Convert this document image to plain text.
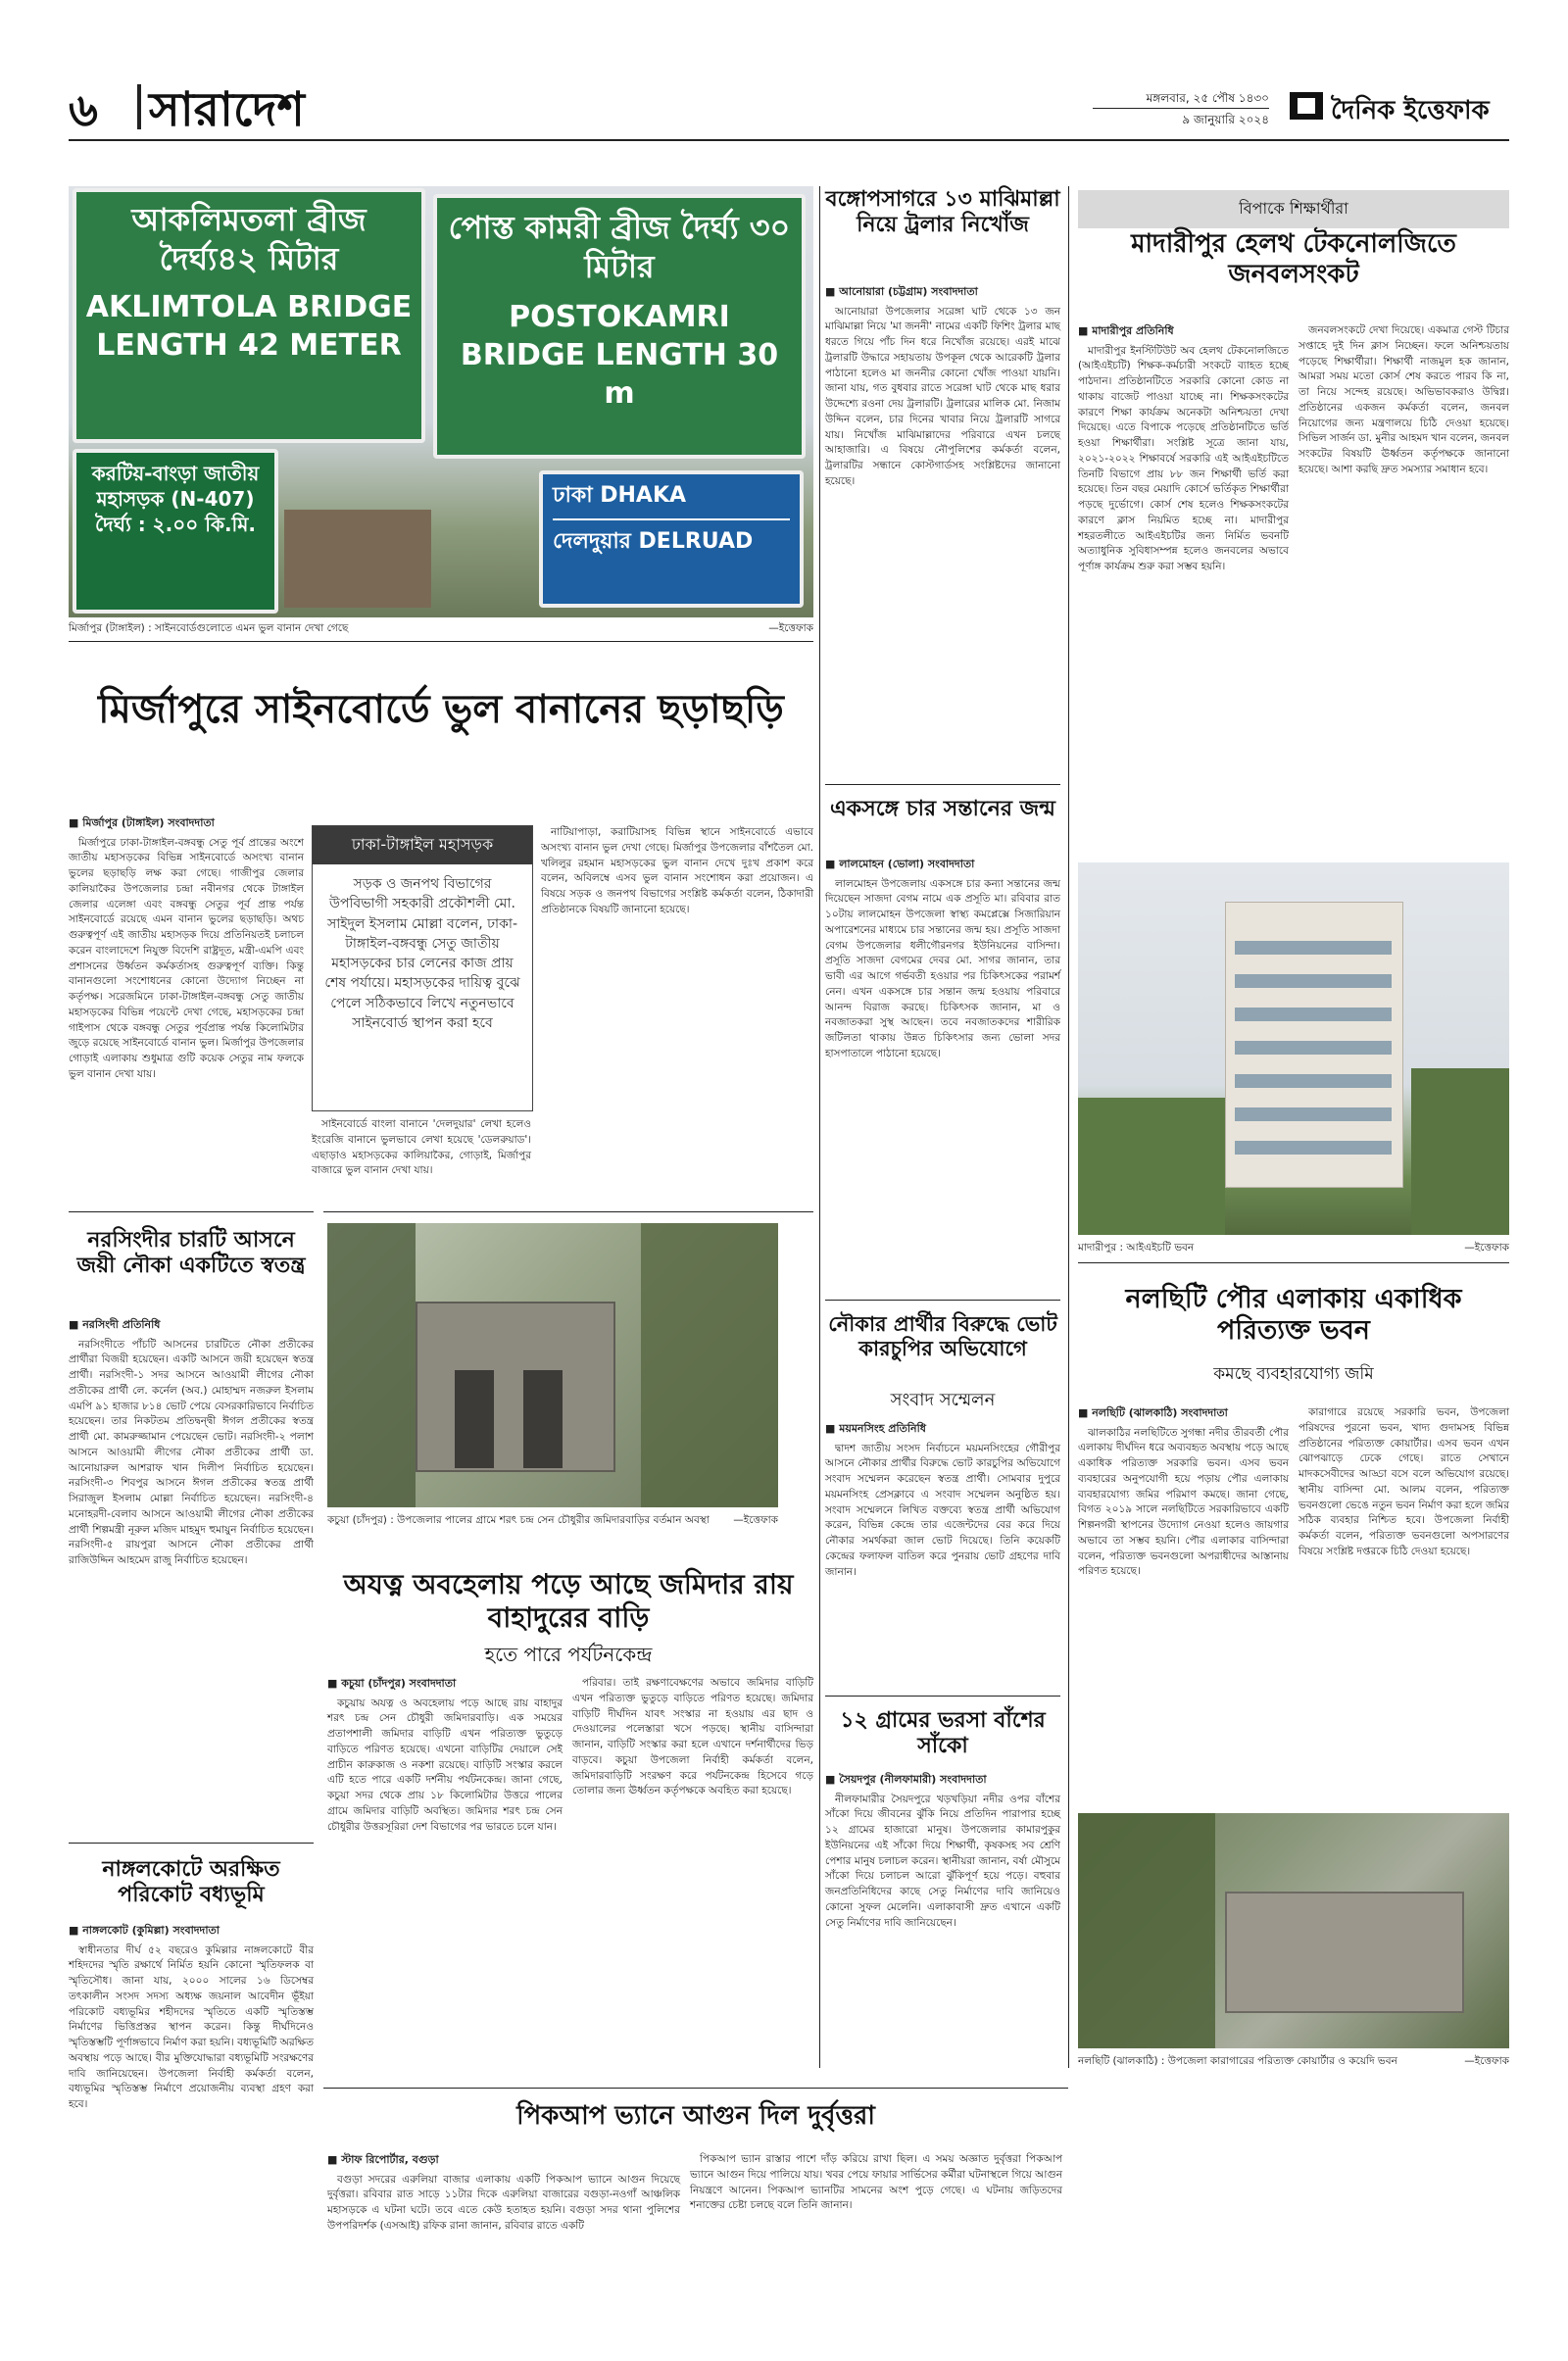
৬ সারাদেশ	মঙ্গলবার, ২৫ পৌষ ১৪৩০
৯ জানুয়ারি ২০২৪ দৈনিক ইত্তেফাক
আকলিমতলা ব্রীজ দৈর্ঘ্য৪২ মিটার
AKLIMTOLA BRIDGE LENGTH 42 METER
পোস্ত কামরী ব্রীজ দৈর্ঘ্য ৩০ মিটার
POSTOKAMRI BRIDGE LENGTH 30 m
করটিয়-বাংড়া জাতীয় মহাসড়ক (N-407) দৈর্ঘ্য : ২.০০ কি.মি.
ঢাকা DHAKA
দেলদুয়ার DELRUAD
মির্জাপুর (টাঙ্গাইল) : সাইনবোর্ডগুলোতে এমন ভুল বানান দেখা গেছে	—ইত্তেফাক
মির্জাপুরে সাইনবোর্ডে ভুল বানানের ছড়াছড়ি
■ মির্জাপুর (টাঙ্গাইল) সংবাদদাতা

মির্জাপুরে ঢাকা-টাঙ্গাইল-বঙ্গবন্ধু সেতু পূর্ব প্রান্তের অংশে জাতীয় মহাসড়কের বিভিন্ন সাইনবোর্ডে অসংখ্য বানান ভুলের ছড়াছড়ি লক্ষ করা গেছে। গাজীপুর জেলার কালিয়াকৈর উপজেলার চন্দ্রা নবীনগর থেকে টাঙ্গাইল জেলার এলেঙ্গা এবং বঙ্গবন্ধু সেতুর পূর্ব প্রান্ত পর্যন্ত সাইনবোর্ডে রয়েছে এমন বানান ভুলের ছড়াছড়ি। অথচ গুরুত্বপূর্ণ এই জাতীয় মহাসড়ক দিয়ে প্রতিনিয়তই চলাচল করেন বাংলাদেশে নিযুক্ত বিদেশি রাষ্ট্রদূত, মন্ত্রী-এমপি এবং প্রশাসনের উর্ধ্বতন কর্মকর্তাসহ গুরুত্বপূর্ণ ব্যক্তি। কিন্তু বানানগুলো সংশোধনের কোনো উদ্যোগ নিচ্ছেন না কর্তৃপক্ষ। সরেজমিনে ঢাকা-টাঙ্গাইল-বঙ্গবন্ধু সেতু জাতীয় মহাসড়কের বিভিন্ন পয়েন্টে দেখা গেছে, মহাসড়কের চন্দ্রা গাইপাস থেকে বঙ্গবন্ধু সেতুর পূর্বপ্রান্ত পর্যন্ত কিলোমিটার জুড়ে রয়েছে সাইনবোর্ডে বানান ভুল। মির্জাপুর উপজেলার গোড়াই এলাকায় শুধুমাত্র গুটি কয়েক সেতুর নাম ফলকে ভুল বানান দেখা যায়।

ঢাকা-টাঙ্গাইল মহাসড়ক
সড়ক ও জনপথ বিভাগের উপবিভাগী সহকারী প্রকৌশলী মো. সাইদুল ইসলাম মোল্লা বলেন, ঢাকা-টাঙ্গাইল-বঙ্গবন্ধু সেতু জাতীয় মহাসড়কের চার লেনের কাজ প্রায় শেষ পর্যায়ে। মহাসড়কের দায়িত্ব বুঝে পেলে সঠিকভাবে লিখে নতুনভাবে সাইনবোর্ড স্থাপন করা হবে

সাইনবোর্ডে বাংলা বানানে 'দেলদুয়ার' লেখা হলেও ইংরেজি বানানে ভুলভাবে লেখা হয়েছে 'ডেলরুয়াড'। এছাড়াও মহাসড়কের কালিয়াকৈর, গোড়াই, মির্জাপুর বাজারে ভুল বানান দেখা যায়।

নাটিয়াপাড়া, করাটিয়াসহ বিভিন্ন স্থানে সাইনবোর্ডে এভাবে অসংখ্য বানান ভুল দেখা গেছে। মির্জাপুর উপজেলার বাঁশতৈল মো. খলিলুর রহমান মহাসড়কের ভুল বানান দেখে দুঃখ প্রকাশ করে বলেন, অবিলম্বে এসব ভুল বানান সংশোধন করা প্রয়োজন। এ বিষয়ে সড়ক ও জনপথ বিভাগের সংশ্লিষ্ট কর্মকর্তা বলেন, ঠিকাদারী প্রতিষ্ঠানকে বিষয়টি জানানো হয়েছে।

নরসিংদীর চারটি আসনে জয়ী নৌকা একটিতে স্বতন্ত্র
■ নরসিংদী প্রতিনিধি

নরসিংদীতে পাঁচটি আসনের চারটিতে নৌকা প্রতীকের প্রার্থীরা বিজয়ী হয়েছেন। একটি আসনে জয়ী হয়েছেন স্বতন্ত্র প্রার্থী। নরসিংদী-১ সদর আসনে আওয়ামী লীগের নৌকা প্রতীকের প্রার্থী লে. কর্নেল (অব.) মোহাম্মদ নজরুল ইসলাম এমপি ৯১ হাজার ৮১৪ ভোট পেয়ে বেসরকারিভাবে নির্বাচিত হয়েছেন। তার নিকটতম প্রতিদ্বন্দ্বী ঈগল প্রতীকের স্বতন্ত্র প্রার্থী মো. কামরুজ্জামান পেয়েছেন ভোট। নরসিংদী-২ পলাশ আসনে আওয়ামী লীগের নৌকা প্রতীকের প্রার্থী ডা. আনোয়ারুল আশরাফ খান দিলীপ নির্বাচিত হয়েছেন। নরসিংদী-৩ শিবপুর আসনে ঈগল প্রতীকের স্বতন্ত্র প্রার্থী সিরাজুল ইসলাম মোল্লা নির্বাচিত হয়েছেন। নরসিংদী-৪ মনোহরদী-বেলাব আসনে আওয়ামী লীগের নৌকা প্রতীকের প্রার্থী শিল্পমন্ত্রী নূরুল মজিদ মাহমুদ হুমায়ুন নির্বাচিত হয়েছেন। নরসিংদী-৫ রায়পুরা আসনে নৌকা প্রতীকের প্রার্থী রাজিউদ্দিন আহমেদ রাজু নির্বাচিত হয়েছেন।

নাঙ্গলকোটে অরক্ষিত পরিকোট বধ্যভূমি
■ নাঙ্গলকোট (কুমিল্লা) সংবাদদাতা

স্বাধীনতার দীর্ঘ ৫২ বছরেও কুমিল্লার নাঙ্গলকোটে বীর শহিদদের স্মৃতি রক্ষার্থে নির্মিত হয়নি কোনো স্মৃতিফলক বা স্মৃতিসৌধ। জানা যায়, ২০০০ সালের ১৬ ডিসেম্বর তৎকালীন সংসদ সদস্য অধ্যক্ষ জয়নাল আবেদীন ভূঁইয়া পরিকোট বধ্যভূমির শহীদদের স্মৃতিতে একটি স্মৃতিস্তম্ভ নির্মাণের ভিত্তিপ্রস্তর স্থাপন করেন। কিন্তু দীর্ঘদিনেও স্মৃতিস্তম্ভটি পূর্ণাঙ্গভাবে নির্মাণ করা হয়নি। বধ্যভূমিটি অরক্ষিত অবস্থায় পড়ে আছে। বীর মুক্তিযোদ্ধারা বধ্যভূমিটি সংরক্ষণের দাবি জানিয়েছেন। উপজেলা নির্বাহী কর্মকর্তা বলেন, বধ্যভূমির স্মৃতিস্তম্ভ নির্মাণে প্রয়োজনীয় ব্যবস্থা গ্রহণ করা হবে।

কচুয়া (চাঁদপুর) : উপজেলার পালের গ্রামে শরৎ চন্দ্র সেন চৌধুরীর জমিদারবাড়ির বর্তমান অবস্থা —ইত্তেফাক
অযত্ন অবহেলায় পড়ে আছে জমিদার রায় বাহাদুরের বাড়ি
হতে পারে পর্যটনকেন্দ্র
■ কচুয়া (চাঁদপুর) সংবাদদাতা

কচুয়ায় অযত্ন ও অবহেলায় পড়ে আছে রায় বাহাদুর শরৎ চন্দ্র সেন চৌধুরী জমিদারবাড়ি। এক সময়ের প্রতাপশালী জমিদার বাড়িটি এখন পরিত্যক্ত ভুতুড়ে বাড়িতে পরিণত হয়েছে। এখনো বাড়িটির দেয়ালে সেই প্রাচীন কারুকাজ ও নকশা রয়েছে। বাড়িটি সংস্কার করলে এটি হতে পারে একটি দর্শনীয় পর্যটনকেন্দ্র। জানা গেছে, কচুয়া সদর থেকে প্রায় ১৮ কিলোমিটার উত্তরে পালের গ্রামে জমিদার বাড়িটি অবস্থিত। জমিদার শরৎ চন্দ্র সেন চৌধুরীর উত্তরসূরিরা দেশ বিভাগের পর ভারতে চলে যান।

পরিবার। তাই রক্ষণাবেক্ষণের অভাবে জমিদার বাড়িটি এখন পরিত্যক্ত ভুতুড়ে বাড়িতে পরিণত হয়েছে। জমিদার বাড়িটি দীর্ঘদিন যাবৎ সংস্কার না হওয়ায় এর ছাদ ও দেওয়ালের পলেস্তারা খসে পড়ছে। স্থানীয় বাসিন্দারা জানান, বাড়িটি সংস্কার করা হলে এখানে দর্শনার্থীদের ভিড় বাড়বে। কচুয়া উপজেলা নির্বাহী কর্মকর্তা বলেন, জমিদারবাড়িটি সংরক্ষণ করে পর্যটনকেন্দ্র হিসেবে গড়ে তোলার জন্য ঊর্ধ্বতন কর্তৃপক্ষকে অবহিত করা হয়েছে।

পিকআপ ভ্যানে আগুন দিল দুর্বৃত্তরা
■ স্টাফ রিপোর্টার, বগুড়া

বগুড়া সদরের এরুলিয়া বাজার এলাকায় একটি পিকআপ ভ্যানে আগুন দিয়েছে দুর্বৃত্তরা। রবিবার রাত সাড়ে ১১টার দিকে এরুলিয়া বাজারের বগুড়া-নওগাঁ আঞ্চলিক মহাসড়কে এ ঘটনা ঘটে। তবে এতে কেউ হতাহত হয়নি। বগুড়া সদর থানা পুলিশের উপপরিদর্শক (এসআই) রফিক রানা জানান, রবিবার রাতে একটি

পিকআপ ভ্যান রাস্তার পাশে দাঁড় করিয়ে রাখা ছিল। এ সময় অজ্ঞাত দুর্বৃত্তরা পিকআপ ভ্যানে আগুন দিয়ে পালিয়ে যায়। খবর পেয়ে ফায়ার সার্ভিসের কর্মীরা ঘটনাস্থলে গিয়ে আগুন নিয়ন্ত্রণে আনেন। পিকআপ ভ্যানটির সামনের অংশ পুড়ে গেছে। এ ঘটনায় জড়িতদের শনাক্তের চেষ্টা চলছে বলে তিনি জানান।

বঙ্গোপসাগরে ১৩ মাঝিমাল্লা নিয়ে ট্রলার নিখোঁজ
■ আনোয়ারা (চট্টগ্রাম) সংবাদদাতা

আনোয়ারা উপজেলার সরেঙ্গা ঘাট থেকে ১৩ জন মাঝিমাল্লা নিয়ে 'মা জননী' নামের একটি ফিশিং ট্রলার মাছ ধরতে গিয়ে পাঁচ দিন ধরে নিখোঁজ রয়েছে। এরই মাঝে ট্রলারটি উদ্ধারে সহায়তায় উপকূল থেকে আরেকটি ট্রলার পাঠানো হলেও মা জননীর কোনো খোঁজ পাওয়া যায়নি। জানা যায়, গত বুধবার রাতে সরেঙ্গা ঘাট থেকে মাছ ধরার উদ্দেশ্যে রওনা দেয় ট্রলারটি। ট্রলারের মালিক মো. নিজাম উদ্দিন বলেন, চার দিনের খাবার নিয়ে ট্রলারটি সাগরে যায়। নিখোঁজ মাঝিমাল্লাদের পরিবারে এখন চলছে আহাজারি। এ বিষয়ে নৌপুলিশের কর্মকর্তা বলেন, ট্রলারটির সন্ধানে কোস্টগার্ডসহ সংশ্লিষ্টদের জানানো হয়েছে।

একসঙ্গে চার সন্তানের জন্ম
■ লালমোহন (ভোলা) সংবাদদাতা

লালমোহন উপজেলায় একসঙ্গে চার কন্যা সন্তানের জন্ম দিয়েছেন সাজদা বেগম নামে এক প্রসূতি মা। রবিবার রাত ১০টায় লালমোহন উপজেলা স্বাস্থ্য কমপ্লেক্সে সিজারিয়ান অপারেশনের মাধ্যমে চার সন্তানের জন্ম হয়। প্রসূতি সাজদা বেগম উপজেলার ধলীগৌরনগর ইউনিয়নের বাসিন্দা। প্রসূতি সাজদা বেগমের দেবর মো. সাগর জানান, তার ভাবী এর আগে গর্ভবতী হওয়ার পর চিকিৎসকের পরামর্শ নেন। এখন একসঙ্গে চার সন্তান জন্ম হওয়ায় পরিবারে আনন্দ বিরাজ করছে। চিকিৎসক জানান, মা ও নবজাতকরা সুস্থ আছেন। তবে নবজাতকদের শারীরিক জটিলতা থাকায় উন্নত চিকিৎসার জন্য ভোলা সদর হাসপাতালে পাঠানো হয়েছে।

নৌকার প্রার্থীর বিরুদ্ধে ভোট কারচুপির অভিযোগে
সংবাদ সম্মেলন
■ ময়মনসিংহ প্রতিনিধি

দ্বাদশ জাতীয় সংসদ নির্বাচনে ময়মনসিংহের গৌরীপুর আসনে নৌকার প্রার্থীর বিরুদ্ধে ভোট কারচুপির অভিযোগে সংবাদ সম্মেলন করেছেন স্বতন্ত্র প্রার্থী। সোমবার দুপুরে ময়মনসিংহ প্রেসক্লাবে এ সংবাদ সম্মেলন অনুষ্ঠিত হয়। সংবাদ সম্মেলনে লিখিত বক্তব্যে স্বতন্ত্র প্রার্থী অভিযোগ করেন, বিভিন্ন কেন্দ্রে তার এজেন্টদের বের করে দিয়ে নৌকার সমর্থকরা জাল ভোট দিয়েছে। তিনি কয়েকটি কেন্দ্রের ফলাফল বাতিল করে পুনরায় ভোট গ্রহণের দাবি জানান।

১২ গ্রামের ভরসা বাঁশের সাঁকো
■ সৈয়দপুর (নীলফামারী) সংবাদদাতা

নীলফামারীর সৈয়দপুরে খড়খড়িয়া নদীর ওপর বাঁশের সাঁকো দিয়ে জীবনের ঝুঁকি নিয়ে প্রতিদিন পারাপার হচ্ছে ১২ গ্রামের হাজারো মানুষ। উপজেলার কামারপুকুর ইউনিয়নের এই সাঁকো দিয়ে শিক্ষার্থী, কৃষকসহ সব শ্রেণি পেশার মানুষ চলাচল করেন। স্থানীয়রা জানান, বর্ষা মৌসুমে সাঁকো দিয়ে চলাচল আরো ঝুঁকিপূর্ণ হয়ে পড়ে। বহুবার জনপ্রতিনিধিদের কাছে সেতু নির্মাণের দাবি জানিয়েও কোনো সুফল মেলেনি। এলাকাবাসী দ্রুত এখানে একটি সেতু নির্মাণের দাবি জানিয়েছেন।

বিপাকে শিক্ষার্থীরা
মাদারীপুর হেলথ টেকনোলজিতে জনবলসংকট
■ মাদারীপুর প্রতিনিধি

মাদারীপুর ইনস্টিটিউট অব হেলথ টেকনোলজিতে (আইএইচটি) শিক্ষক-কর্মচারী সংকটে ব্যাহত হচ্ছে পাঠদান। প্রতিষ্ঠানটিতে সরকারি কোনো কোড না থাকায় বাজেট পাওয়া যাচ্ছে না। শিক্ষকসংকটের কারণে শিক্ষা কার্যক্রম অনেকটা অনিশ্চয়তা দেখা দিয়েছে। এতে বিপাকে পড়েছে প্রতিষ্ঠানটিতে ভর্তি হওয়া শিক্ষার্থীরা। সংশ্লিষ্ট সূত্রে জানা যায়, ২০২১-২০২২ শিক্ষাবর্ষে সরকারি এই আইএইচটিতে তিনটি বিভাগে প্রায় ৮৮ জন শিক্ষার্থী ভর্তি করা হয়েছে। তিন বছর মেয়াদি কোর্সে ভর্তিকৃত শিক্ষার্থীরা পড়ছে দুর্ভোগে। কোর্স শেষ হলেও শিক্ষকসংকটের কারণে ক্লাস নিয়মিত হচ্ছে না। মাদারীপুর শহরতলীতে আইএইচটির জন্য নির্মিত ভবনটি অত্যাধুনিক সুবিধাসম্পন্ন হলেও জনবলের অভাবে পূর্ণাঙ্গ কার্যক্রম শুরু করা সম্ভব হয়নি।

জনবলসংকটে দেখা দিয়েছে। একমাত্র গেস্ট টিচার সপ্তাহে দুই দিন ক্লাস নিচ্ছেন। ফলে অনিশ্চয়তায় পড়েছে শিক্ষার্থীরা। শিক্ষার্থী নাজমুল হক জানান, আমরা সময় মতো কোর্স শেষ করতে পারব কি না, তা নিয়ে সন্দেহ রয়েছে। অভিভাবকরাও উদ্বিগ্ন। প্রতিষ্ঠানের একজন কর্মকর্তা বলেন, জনবল নিয়োগের জন্য মন্ত্রণালয়ে চিঠি দেওয়া হয়েছে। সিভিল সার্জন ডা. মুনীর আহমদ খান বলেন, জনবল সংকটের বিষয়টি ঊর্ধ্বতন কর্তৃপক্ষকে জানানো হয়েছে। আশা করছি দ্রুত সমস্যার সমাধান হবে।

মাদারীপুর : আইএইচটি ভবন	—ইত্তেফাক
নলছিটি পৌর এলাকায় একাধিক পরিত্যক্ত ভবন
কমছে ব্যবহারযোগ্য জমি
■ নলছিটি (ঝালকাঠি) সংবাদদাতা

ঝালকাঠির নলছিটিতে সুগন্ধা নদীর তীরবর্তী পৌর এলাকায় দীর্ঘদিন ধরে অব্যবহৃত অবস্থায় পড়ে আছে একাধিক পরিত্যক্ত সরকারি ভবন। এসব ভবন ব্যবহারের অনুপযোগী হয়ে পড়ায় পৌর এলাকায় ব্যবহারযোগ্য জমির পরিমাণ কমছে। জানা গেছে, বিগত ২০১৯ সালে নলছিটিতে সরকারিভাবে একটি শিল্পনগরী স্থাপনের উদ্যোগ নেওয়া হলেও জায়গার অভাবে তা সম্ভব হয়নি। পৌর এলাকার বাসিন্দারা বলেন, পরিত্যক্ত ভবনগুলো অপরাধীদের আস্তানায় পরিণত হয়েছে।

কারাগারে রয়েছে সরকারি ভবন, উপজেলা পরিষদের পুরনো ভবন, খাদ্য গুদামসহ বিভিন্ন প্রতিষ্ঠানের পরিত্যক্ত কোয়ার্টার। এসব ভবন এখন ঝোপঝাড়ে ঢেকে গেছে। রাতে সেখানে মাদকসেবীদের আড্ডা বসে বলে অভিযোগ রয়েছে। স্থানীয় বাসিন্দা মো. আলম বলেন, পরিত্যক্ত ভবনগুলো ভেঙে নতুন ভবন নির্মাণ করা হলে জমির সঠিক ব্যবহার নিশ্চিত হবে। উপজেলা নির্বাহী কর্মকর্তা বলেন, পরিত্যক্ত ভবনগুলো অপসারণের বিষয়ে সংশ্লিষ্ট দপ্তরকে চিঠি দেওয়া হয়েছে।

নলছিটি (ঝালকাঠি) : উপজেলা কারাগারের পরিত্যক্ত কোয়ার্টার ও কয়েদি ভবন	—ইত্তেফাক
